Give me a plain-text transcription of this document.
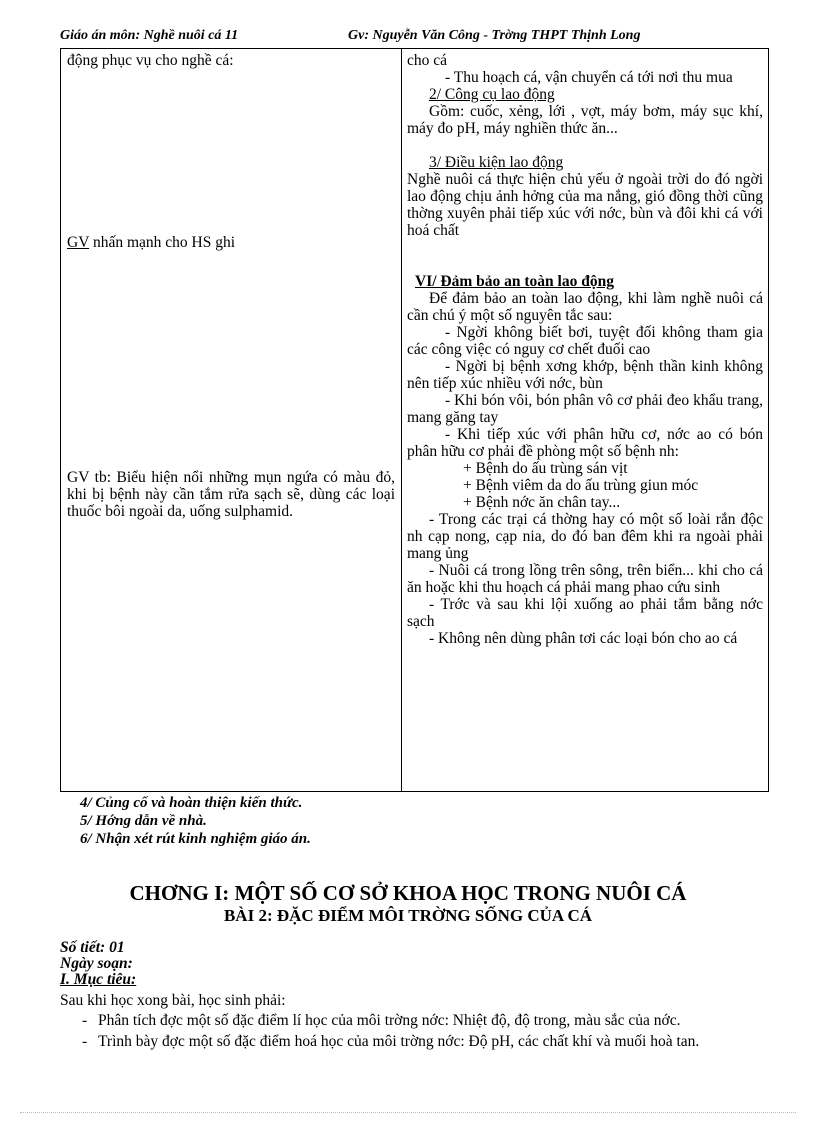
Giáo án môn: Nghề nuôi cá 11	Gv: Nguyễn Văn Công - Trờng THPT Thịnh Long
động phục vụ cho nghề cá:
GV nhấn mạnh cho HS ghi
GV tb: Biểu hiện nổi những mụn ngứa có màu đỏ, khi bị bệnh này cần tắm rửa sạch sẽ, dùng các loại thuốc bôi ngoài da, uống sulphamid.

cho cá

- Thu hoạch cá, vận chuyển cá tới nơi thu mua

2/ Công cụ lao động

Gồm: cuốc, xẻng, lới , vợt, máy bơm, máy sục khí, máy đo pH, máy nghiền thức ăn...

3/ Điều kiện lao động

Nghề nuôi cá thực hiện chủ yếu ở ngoài trời do đó ngời lao động chịu ảnh hởng của ma nắng, gió đồng thời cũng thờng xuyên phải tiếp xúc với nớc, bùn và đôi khi cá với hoá chất

VI/ Đảm bảo an toàn lao động

Để đảm bảo an toàn lao động, khi làm nghề nuôi cá cần chú ý một số nguyên tắc sau:

- Ngời không biết bơi, tuyệt đối không tham gia các công việc có nguy cơ chết đuối cao

- Ngời bị bệnh xơng khớp, bệnh thần kinh không nên tiếp xúc nhiều với nớc, bùn

- Khi bón vôi, bón phân vô cơ phải đeo khẩu trang, mang găng tay

- Khi tiếp xúc với phân hữu cơ, nớc ao có bón phân hữu cơ phải đề phòng một số bệnh nh:

+ Bệnh do ấu trùng sán vịt

+ Bệnh viêm da do ấu trùng giun móc

+ Bệnh nớc ăn chân tay...

- Trong các trại cá thờng hay có một số loài rắn độc nh cạp nong, cạp nia, do đó ban đêm khi ra ngoài phải mang ủng

- Nuôi cá trong lồng trên sông, trên biển... khi cho cá ăn hoặc khi thu hoạch cá phải mang phao cứu sinh

- Trớc và sau khi lội xuống ao phải tắm bằng nớc sạch

- Không nên dùng phân tơi các loại bón cho ao cá

4/ Củng cố và hoàn thiện kiến thức.
5/ Hớng dẫn về nhà.
6/ Nhận xét rút kinh nghiệm giáo án.
CHƠNG I: MỘT SỐ CƠ SỞ KHOA HỌC TRONG NUÔI CÁ
BÀI 2: ĐẶC ĐIỂM MÔI TRỜNG SỐNG CỦA CÁ
Số tiết: 01
Ngày soạn:
I. Mục tiêu:
Sau khi học xong bài, học sinh phải:
- Phân tích đợc một số đặc điểm lí học của môi trờng nớc: Nhiệt độ, độ trong, màu sắc của nớc.
- Trình bày đợc một số đặc điểm hoá học của môi trờng nớc: Độ pH, các chất khí và muối hoà tan.
